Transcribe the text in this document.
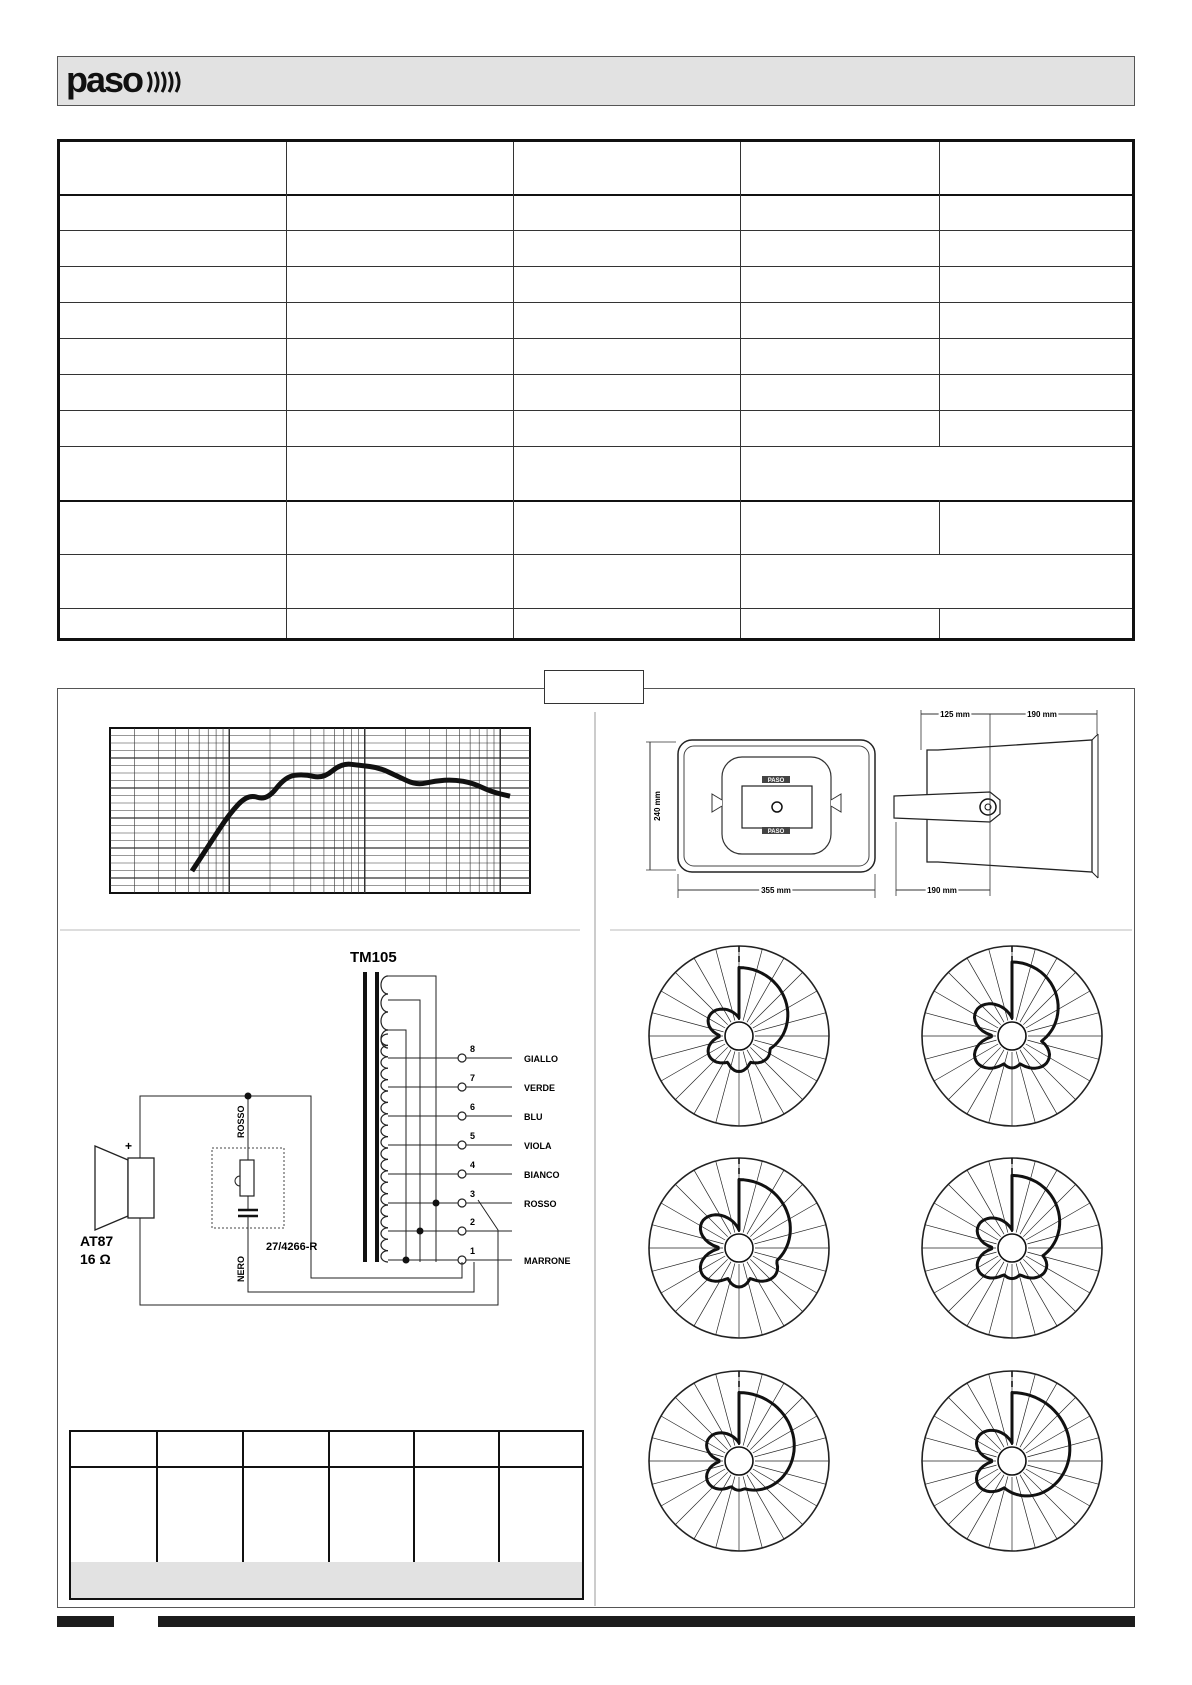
paso
PASO
PASO
240 mm
355 mm
125 mm	190 mm
190 mm
TM105
8
GIALLO
7
VERDE
6
BLU
5
VIOLA
4
BIANCO
3
ROSSO
2
1
MARRONE
+
AT87
16 Ω
ROSSO
NERO
27/4266-R
